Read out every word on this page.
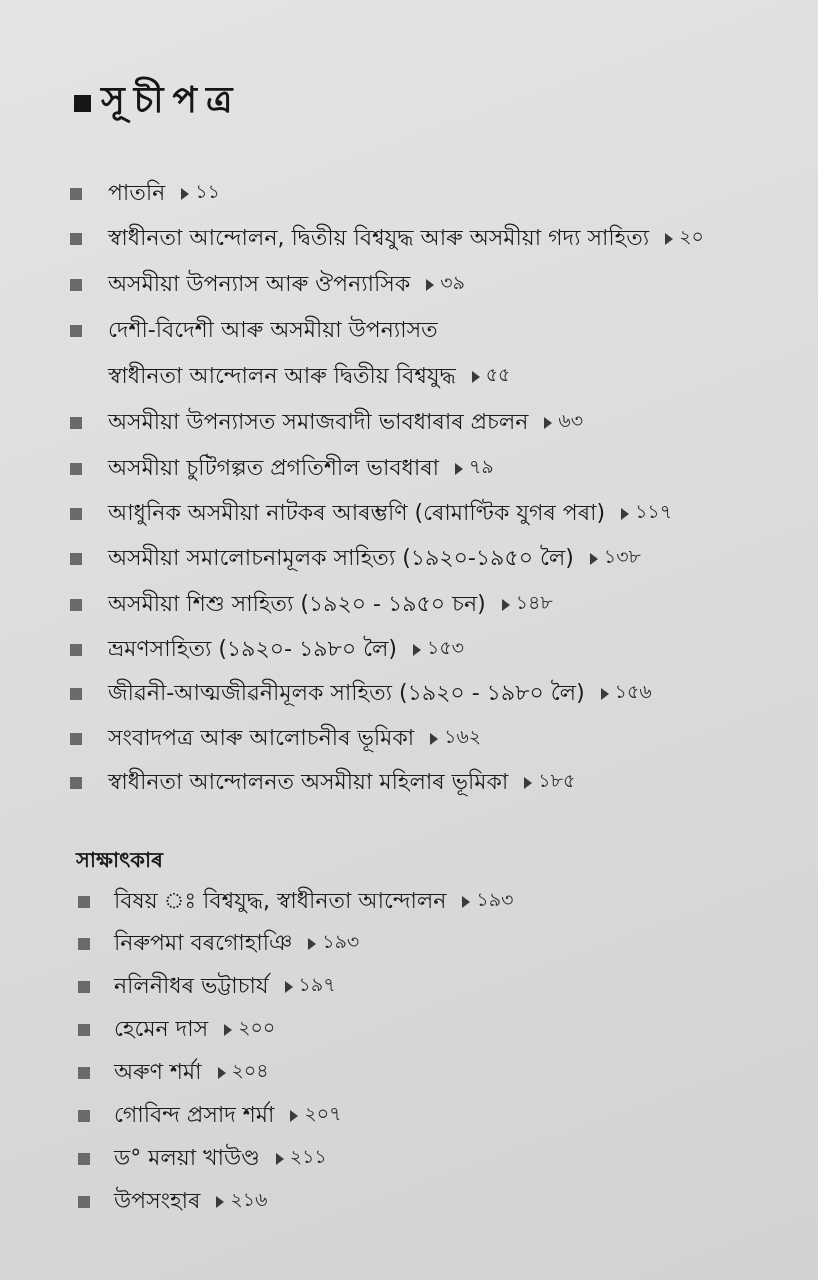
সূচীপত্ৰ
পাতনি ১১
স্বাধীনতা আন্দোলন, দ্বিতীয় বিশ্বযুদ্ধ আৰু অসমীয়া গদ্য সাহিত্য ২০
অসমীয়া উপন্যাস আৰু ঔপন্যাসিক ৩৯
দেশী-বিদেশী আৰু অসমীয়া উপন্যাসত
স্বাধীনতা আন্দোলন আৰু দ্বিতীয় বিশ্বযুদ্ধ ৫৫
অসমীয়া উপন্যাসত সমাজবাদী ভাবধাৰাৰ প্ৰচলন ৬৩
অসমীয়া চুটিগল্পত প্ৰগতিশীল ভাবধাৰা ৭৯
আধুনিক অসমীয়া নাটকৰ আৰম্ভণি (ৰোমাণ্টিক যুগৰ পৰা) ১১৭
অসমীয়া সমালোচনামূলক সাহিত্য (১৯২০-১৯৫০ লৈ) ১৩৮
অসমীয়া শিশু সাহিত্য (১৯২০ - ১৯৫০ চন) ১৪৮
ভ্ৰমণসাহিত্য (১৯২০- ১৯৮০ লৈ) ১৫৩
জীৱনী-আত্মজীৱনীমূলক সাহিত্য (১৯২০ - ১৯৮০ লৈ) ১৫৬
সংবাদপত্ৰ আৰু আলোচনীৰ ভূমিকা ১৬২
স্বাধীনতা আন্দোলনত অসমীয়া মহিলাৰ ভূমিকা ১৮৫
সাক্ষাৎকাৰ
বিষয় ঃ বিশ্বযুদ্ধ, স্বাধীনতা আন্দোলন ১৯৩
নিৰুপমা বৰগোহাঞি ১৯৩
নলিনীধৰ ভট্টাচাৰ্য ১৯৭
হেমেন দাস ২০০
অৰুণ শৰ্মা ২০৪
গোবিন্দ প্ৰসাদ শৰ্মা ২০৭
ড° মলয়া খাউণ্ড ২১১
উপসংহাৰ ২১৬
